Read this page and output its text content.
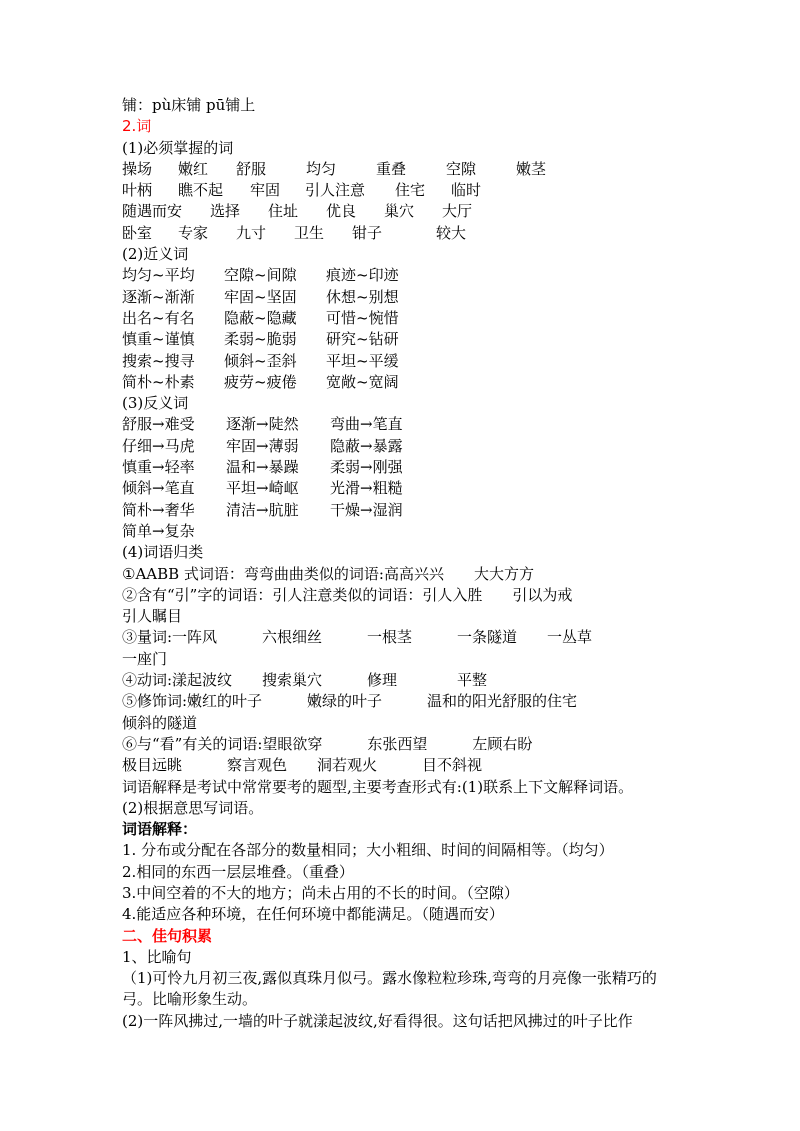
铺：pù床铺 pū铺上
2.词
(1)必须掌握的词
操场 嫩红 舒服	均匀	重叠	空隙	嫩茎
叶柄 瞧不起 牢固 引人注意 住宅 临时
随遇而安 选择 住址 优良 巢穴 大厅
卧室 专家 九寸 卫生 钳子	较大
(2)近义词
均匀~平均 空隙~间隙 痕迹~印迹
逐渐~渐渐 牢固~坚固 休想~别想
出名~有名 隐蔽~隐藏 可惜~惋惜
慎重~谨慎 柔弱~脆弱 研究~钻研
搜索~搜寻 倾斜~歪斜 平坦~平缓
简朴~朴素 疲劳~疲倦 宽敞~宽阔
(3)反义词
舒服→难受 逐渐→陡然 弯曲→笔直
仔细→马虎 牢固→薄弱 隐蔽→暴露
慎重→轻率 温和→暴躁 柔弱→刚强
倾斜→笔直 平坦→崎岖 光滑→粗糙
简朴→奢华 清洁→肮脏 干燥→湿润
简单→复杂
(4)词语归类
①AABB 式词语：弯弯曲曲类似的词语:高高兴兴　　大大方方
②含有“引”字的词语：引人注意类似的词语：引人入胜　　引以为戒
引人瞩目
③量词:一阵风　　　六根细丝　　　一根茎　　　一条隧道　　一丛草
一座门
④动词:漾起波纹　　搜索巢穴　　　修理　　　　平整
⑤修饰词:嫩红的叶子　　　嫩绿的叶子　　　温和的阳光舒服的住宅
倾斜的隧道
⑥与“看”有关的词语:望眼欲穿　　　东张西望　　　左顾右盼
极目远眺　　　察言观色　　洞若观火　　　目不斜视
词语解释是考试中常常要考的题型,主要考查形式有:(1)联系上下文解释词语。
(2)根据意思写词语。
词语解释：
1. 分布或分配在各部分的数量相同；大小粗细、时间的间隔相等。（均匀）
2.相同的东西一层层堆叠。（重叠）
3.中间空着的不大的地方；尚未占用的不长的时间。（空隙）
4.能适应各种环境，在任何环境中都能满足。（随遇而安）
二、佳句积累
1、比喻句
（1)可怜九月初三夜,露似真珠月似弓。露水像粒粒珍珠,弯弯的月亮像一张精巧的弓。比喻形象生动。
(2)一阵风拂过,一墙的叶子就漾起波纹,好看得很。这句话把风拂过的叶子比作
